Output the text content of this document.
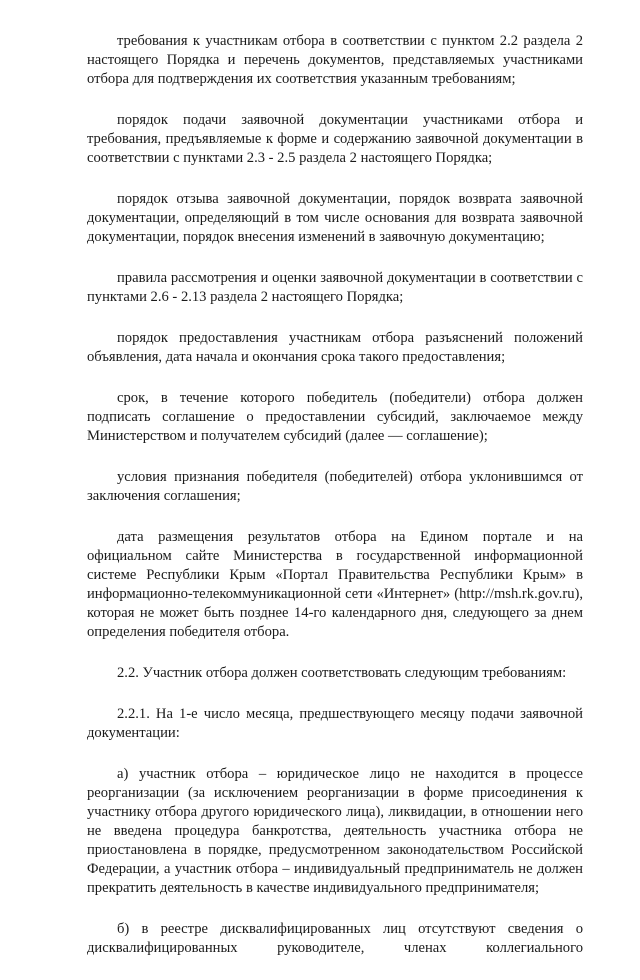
требования к участникам отбора в соответствии с пунктом 2.2 раздела 2 настоящего Порядка и перечень документов, представляемых участниками отбора для подтверждения их соответствия указанным требованиям;

порядок подачи заявочной документации участниками отбора и требования, предъявляемые к форме и содержанию заявочной документации в соответствии с пунктами 2.3 - 2.5 раздела 2 настоящего Порядка;

порядок отзыва заявочной документации, порядок возврата заявочной документации, определяющий в том числе основания для возврата заявочной документации, порядок внесения изменений в заявочную документацию;

правила рассмотрения и оценки заявочной документации в соответствии с пунктами 2.6 - 2.13 раздела 2 настоящего Порядка;

порядок предоставления участникам отбора разъяснений положений объявления, дата начала и окончания срока такого предоставления;

срок, в течение которого победитель (победители) отбора должен подписать соглашение о предоставлении субсидий, заключаемое между Министерством и получателем субсидий (далее — соглашение);

условия признания победителя (победителей) отбора уклонившимся от заключения соглашения;

дата размещения результатов отбора на Едином портале и на официальном сайте Министерства в государственной информационной системе Республики Крым «Портал Правительства Республики Крым» в информационно-телекоммуникационной сети «Интернет» (http://msh.rk.gov.ru), которая не может быть позднее 14-го календарного дня, следующего за днем определения победителя отбора.

2.2. Участник отбора должен соответствовать следующим требованиям:

2.2.1. На 1-е число месяца, предшествующего месяцу подачи заявочной документации:

а) участник отбора – юридическое лицо не находится в процессе реорганизации (за исключением реорганизации в форме присоединения к участнику отбора другого юридического лица), ликвидации, в отношении него не введена процедура банкротства, деятельность участника отбора не приостановлена в порядке, предусмотренном законодательством Российской Федерации, а участник отбора – индивидуальный предприниматель не должен прекратить деятельность в качестве индивидуального предпринимателя;

б) в реестре дисквалифицированных лиц отсутствуют сведения о дисквалифицированных руководителе, членах коллегиального
